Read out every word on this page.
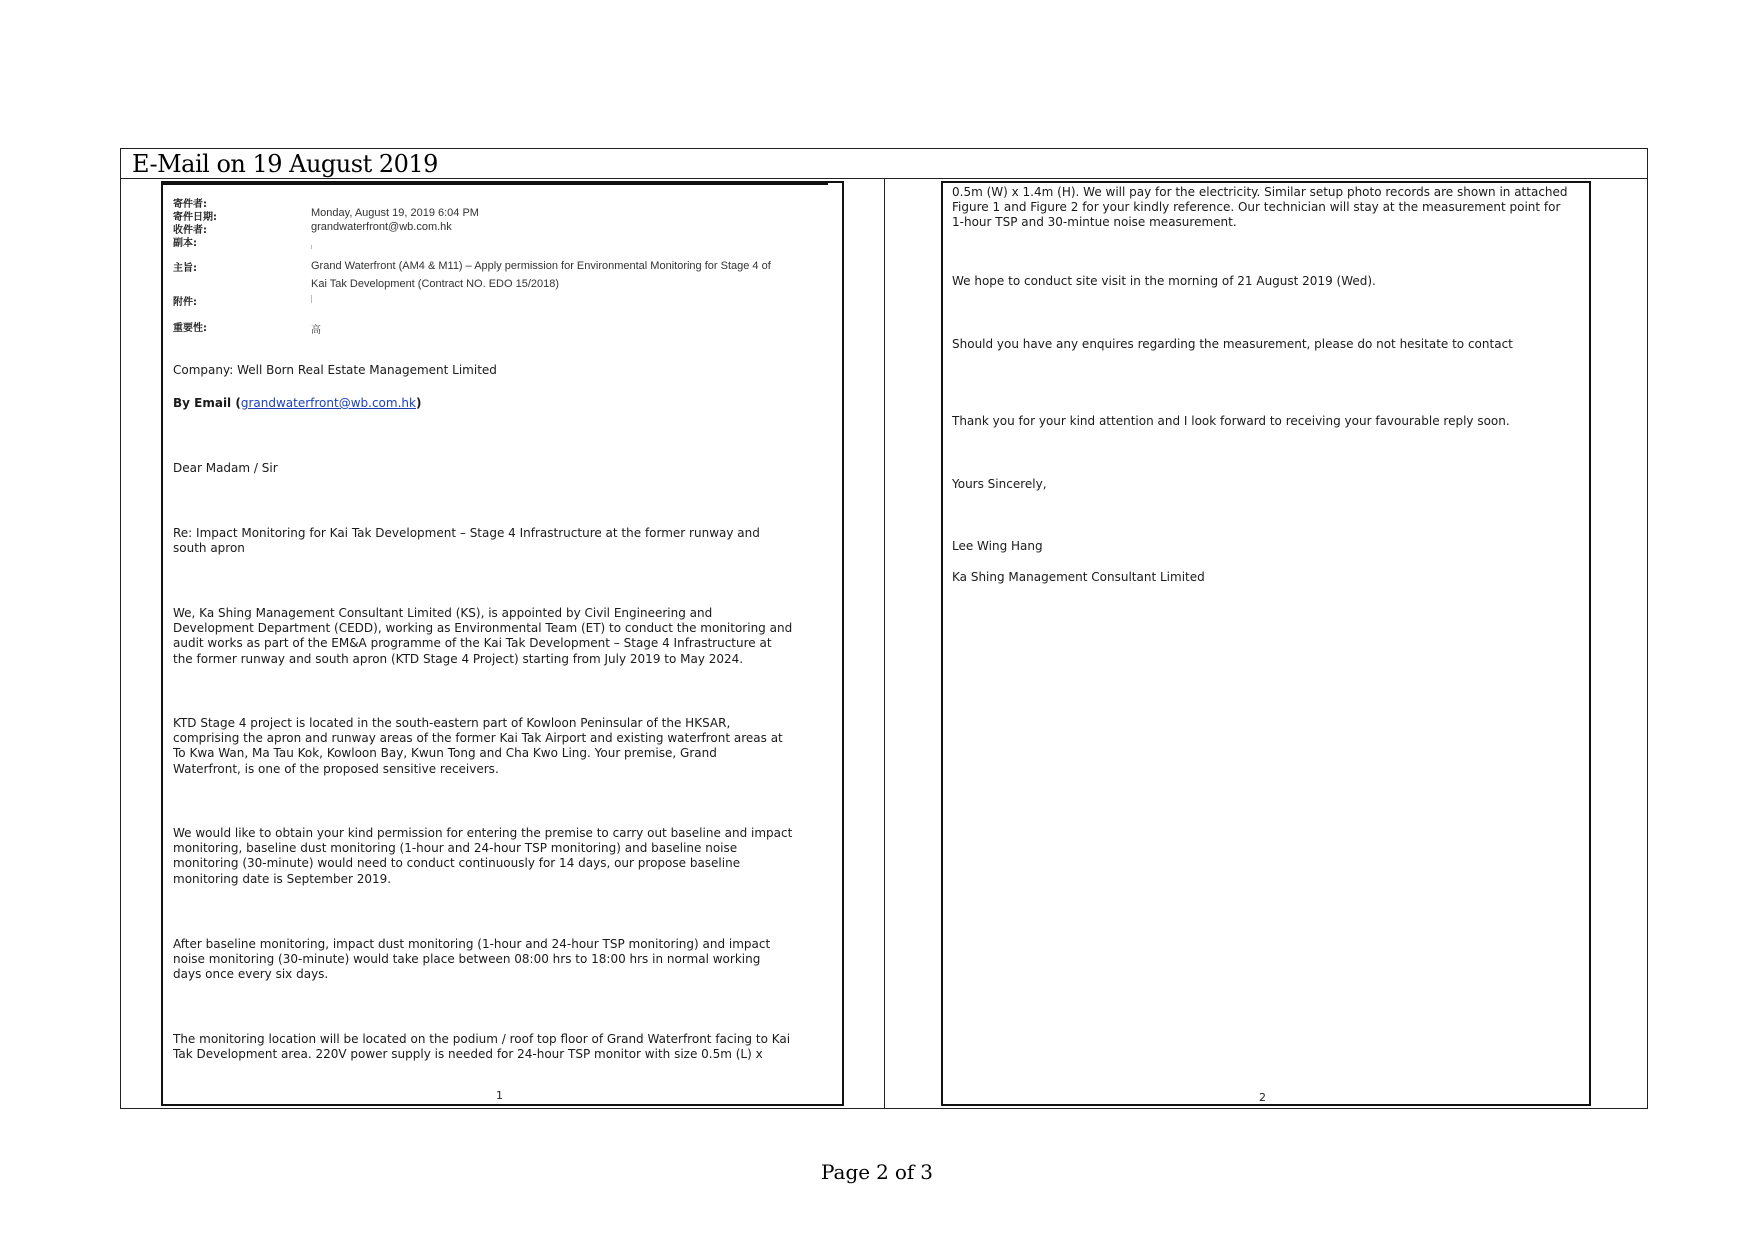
E-Mail on 19 August 2019
寄件者:
寄件日期:	Monday, August 19, 2019 6:04 PM
收件者:	grandwaterfront@wb.com.hk
副本:
主旨:	Grand Waterfront (AM4 & M11) – Apply permission for Environmental Monitoring for Stage 4 of
Kai Tak Development (Contract NO. EDO 15/2018)
附件:
重要性:	高
Company: Well Born Real Estate Management Limited
By Email (grandwaterfront@wb.com.hk)
Dear Madam / Sir
Re: Impact Monitoring for Kai Tak Development – Stage 4 Infrastructure at the former runway and
south apron
We, Ka Shing Management Consultant Limited (KS), is appointed by Civil Engineering and
Development Department (CEDD), working as Environmental Team (ET) to conduct the monitoring and
audit works as part of the EM&A programme of the Kai Tak Development – Stage 4 Infrastructure at
the former runway and south apron (KTD Stage 4 Project) starting from July 2019 to May 2024.
KTD Stage 4 project is located in the south-eastern part of Kowloon Peninsular of the HKSAR,
comprising the apron and runway areas of the former Kai Tak Airport and existing waterfront areas at
To Kwa Wan, Ma Tau Kok, Kowloon Bay, Kwun Tong and Cha Kwo Ling. Your premise, Grand
Waterfront, is one of the proposed sensitive receivers.
We would like to obtain your kind permission for entering the premise to carry out baseline and impact
monitoring, baseline dust monitoring (1-hour and 24-hour TSP monitoring) and baseline noise
monitoring (30-minute) would need to conduct continuously for 14 days, our propose baseline
monitoring date is September 2019.
After baseline monitoring, impact dust monitoring (1-hour and 24-hour TSP monitoring) and impact
noise monitoring (30-minute) would take place between 08:00 hrs to 18:00 hrs in normal working
days once every six days.
The monitoring location will be located on the podium / roof top floor of Grand Waterfront facing to Kai
Tak Development area. 220V power supply is needed for 24-hour TSP monitor with size 0.5m (L) x
1
0.5m (W) x 1.4m (H). We will pay for the electricity. Similar setup photo records are shown in attached
Figure 1 and Figure 2 for your kindly reference. Our technician will stay at the measurement point for
1-hour TSP and 30-mintue noise measurement.
We hope to conduct site visit in the morning of 21 August 2019 (Wed).
Should you have any enquires regarding the measurement, please do not hesitate to contact
Thank you for your kind attention and I look forward to receiving your favourable reply soon.
Yours Sincerely,
Lee Wing Hang
Ka Shing Management Consultant Limited
2
Page 2 of 3
